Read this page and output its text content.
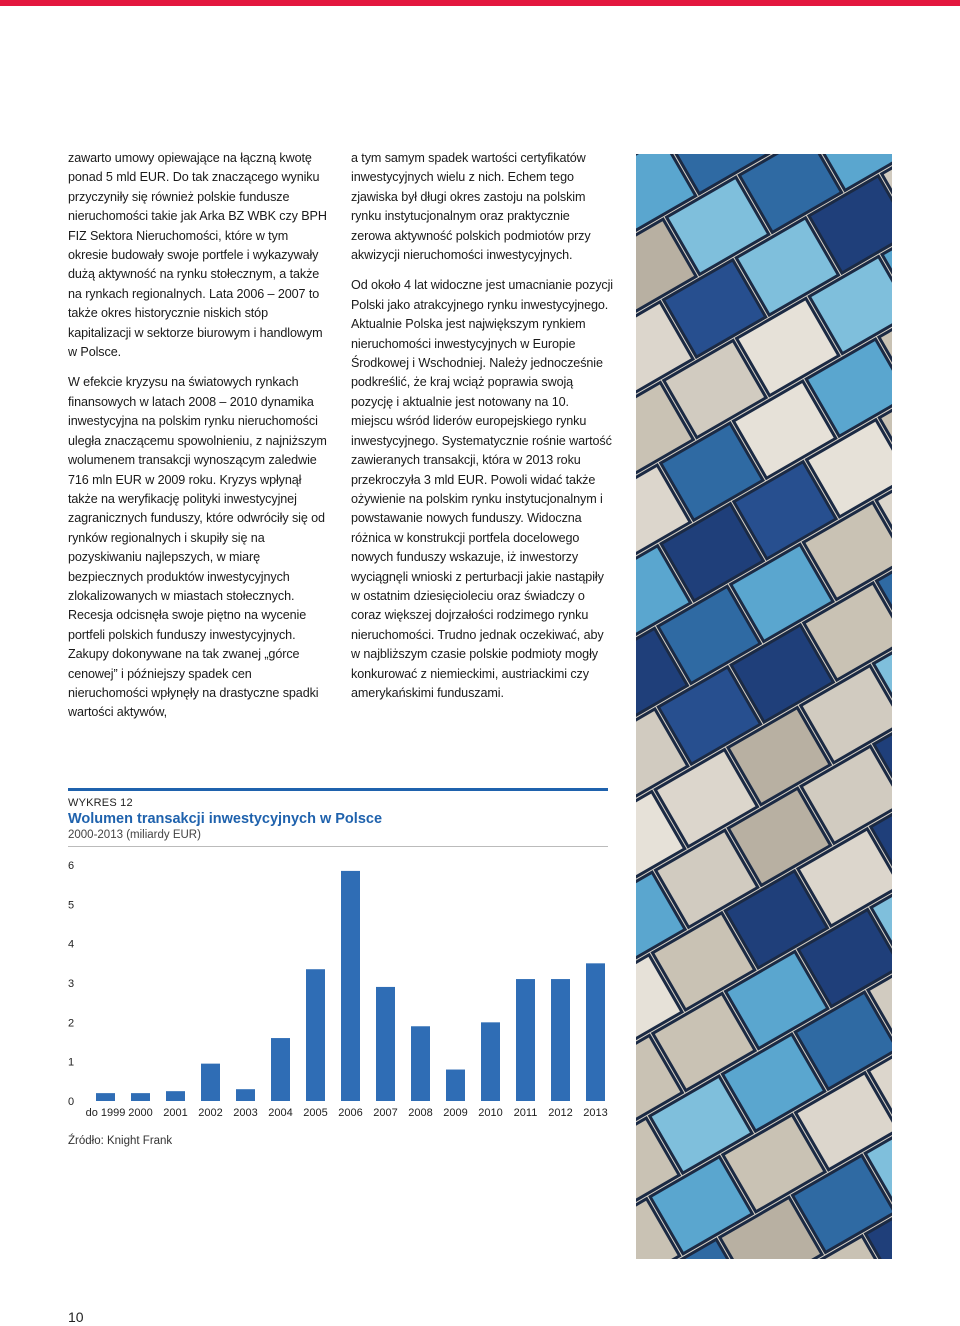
zawarto umowy opiewające na łączną kwotę ponad 5 mld EUR. Do tak znaczącego wyniku przyczyniły się również polskie fundusze nieruchomości takie jak Arka BZ WBK czy BPH FIZ Sektora Nieruchomości, które w tym okresie budowały swoje portfele i wykazywały dużą aktywność na rynku stołecznym, a także na rynkach regionalnych. Lata 2006 – 2007 to także okres historycznie niskich stóp kapitalizacji w sektorze biurowym i handlowym w Polsce.

W efekcie kryzysu na światowych rynkach finansowych w latach 2008 – 2010 dynamika inwestycyjna na polskim rynku nieruchomości uległa znaczącemu spowolnieniu, z najniższym wolumenem transakcji wynoszącym zaledwie 716 mln EUR w 2009 roku. Kryzys wpłynął także na weryfikację polityki inwestycyjnej zagranicznych funduszy, które odwróciły się od rynków regionalnych i skupiły się na pozyskiwaniu najlepszych, w miarę bezpiecznych produktów inwestycyjnych zlokalizowanych w miastach stołecznych. Recesja odcisnęła swoje piętno na wycenie portfeli polskich funduszy inwestycyjnych. Zakupy dokonywane na tak zwanej „górce cenowej” i późniejszy spadek cen nieruchomości wpłynęły na drastyczne spadki wartości aktywów,

a tym samym spadek wartości certyfikatów inwestycyjnych wielu z nich. Echem tego zjawiska był długi okres zastoju na polskim rynku instytucjonalnym oraz praktycznie zerowa aktywność polskich podmiotów przy akwizycji nieruchomości inwestycyjnych.

Od około 4 lat widoczne jest umacnianie pozycji Polski jako atrakcyjnego rynku inwestycyjnego. Aktualnie Polska jest największym rynkiem nieruchomości inwestycyjnych w Europie Środkowej i Wschodniej. Należy jednocześnie podkreślić, że kraj wciąż poprawia swoją pozycję i aktualnie jest notowany na 10. miejscu wśród liderów europejskiego rynku inwestycyjnego. Systematycznie rośnie wartość zawieranych transakcji, która w 2013 roku przekroczyła 3 mld EUR. Powoli widać także ożywienie na polskim rynku instytucjonalnym i powstawanie nowych funduszy. Widoczna różnica w konstrukcji portfela docelowego nowych funduszy wskazuje, iż inwestorzy wyciągnęli wnioski z perturbacji jakie nastąpiły w ostatnim dziesięcioleciu oraz świadczy o coraz większej dojrzałości rodzimego rynku nieruchomości. Trudno jednak oczekiwać, aby w najbliższym czasie polskie podmioty mogły konkurować z niemieckimi, austriackimi czy amerykańskimi funduszami.

WYKRES 12
Wolumen transakcji inwestycyjnych w Polsce
2000-2013 (miliardy EUR)
0
1
2
3
4
5
6
do 1999 2000 2001 2002 2003 2004 2005 2006 2007 2008 2009 2010 2011 2012 2013
Źródło: Knight Frank
10
